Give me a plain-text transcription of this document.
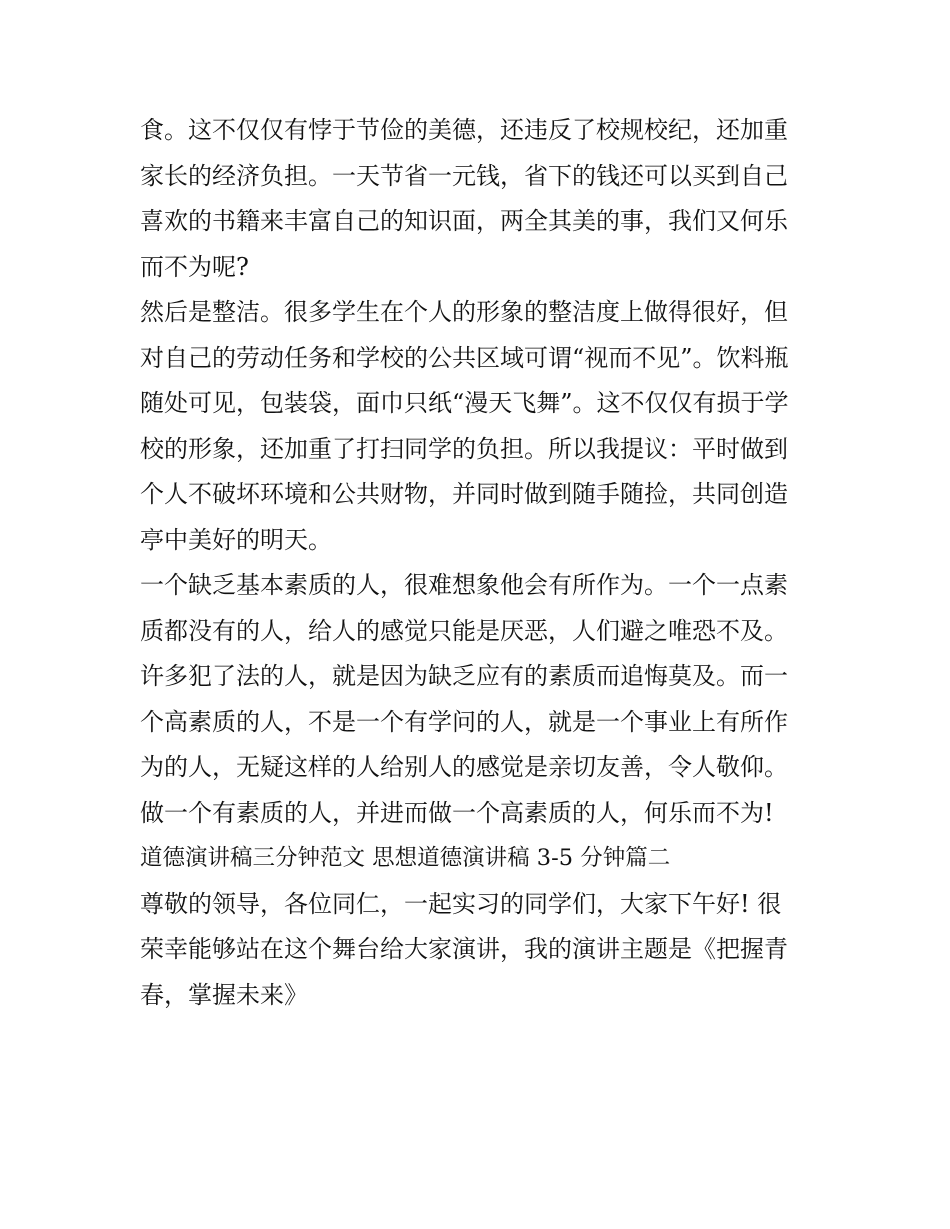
食。这不仅仅有悖于节俭的美德，还违反了校规校纪，还加重
家长的经济负担。一天节省一元钱，省下的钱还可以买到自己
喜欢的书籍来丰富自己的知识面，两全其美的事，我们又何乐
而不为呢?
然后是整洁。很多学生在个人的形象的整洁度上做得很好，但
对自己的劳动任务和学校的公共区域可谓“视而不见”。饮料瓶
随处可见，包装袋，面巾只纸“漫天飞舞”。这不仅仅有损于学
校的形象，还加重了打扫同学的负担。所以我提议：平时做到
个人不破坏环境和公共财物，并同时做到随手随捡，共同创造
亭中美好的明天。
一个缺乏基本素质的人，很难想象他会有所作为。一个一点素
质都没有的人，给人的感觉只能是厌恶，人们避之唯恐不及。
许多犯了法的人，就是因为缺乏应有的素质而追悔莫及。而一
个高素质的人，不是一个有学问的人，就是一个事业上有所作
为的人，无疑这样的人给别人的感觉是亲切友善，令人敬仰。
做一个有素质的人，并进而做一个高素质的人，何乐而不为!
道德演讲稿三分钟范文 思想道德演讲稿 3-5 分钟篇二
尊敬的领导，各位同仁，一起实习的同学们，大家下午好! 很
荣幸能够站在这个舞台给大家演讲，我的演讲主题是《把握青
春，掌握未来》
